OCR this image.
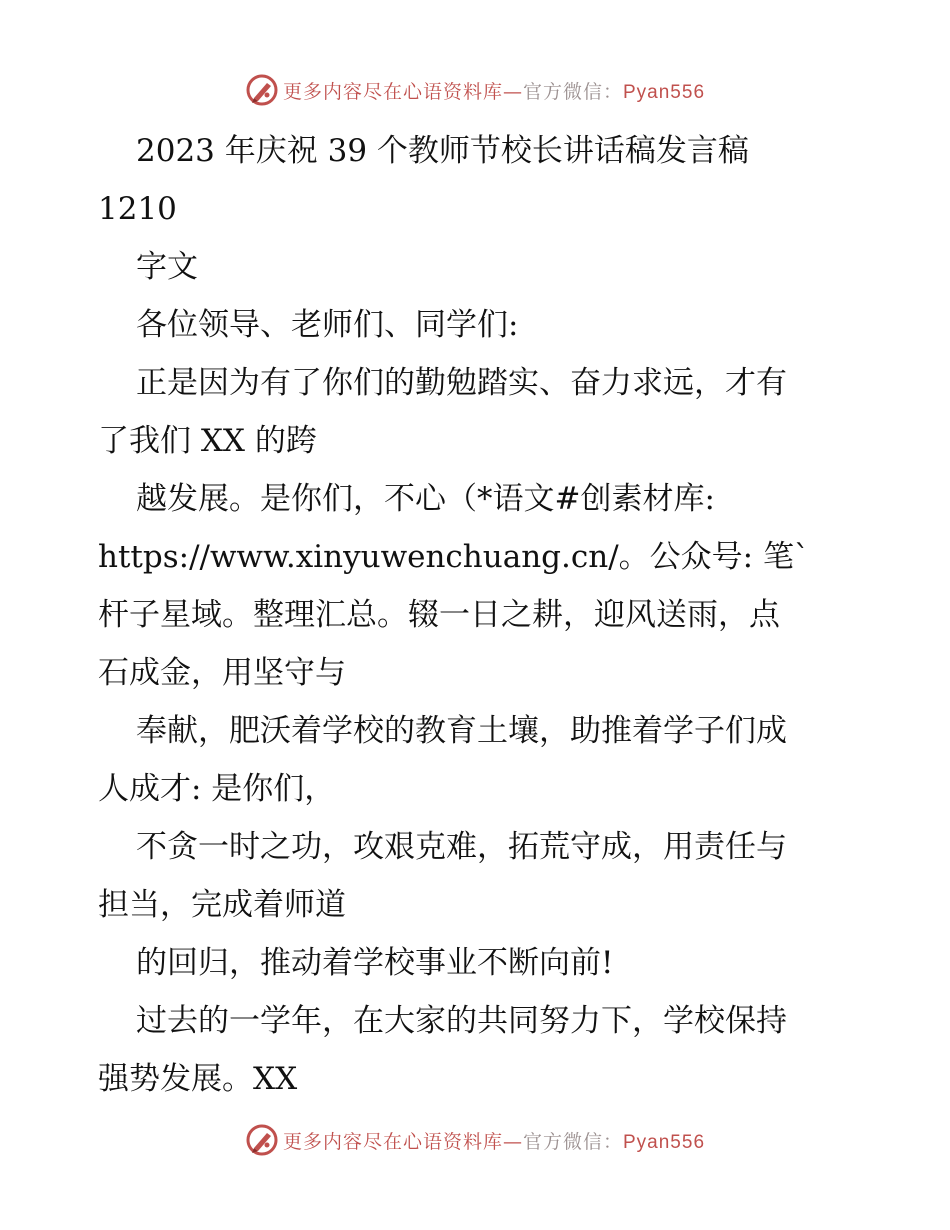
更多内容尽在心语资料库—官方微信：Pyan556
2023 年庆祝 39 个教师节校长讲话稿发言稿
1210
字文
各位领导、老师们、同学们:
正是因为有了你们的勤勉踏实、奋力求远，才有
了我们 XX 的跨
越发展。是你们，不心（*语文#创素材库:
https://www.xinyuwenchuang.cn/。公众号: 笔`
杆子星域。整理汇总。辍一日之耕，迎风送雨，点
石成金，用坚守与
奉献，肥沃着学校的教育土壤，助推着学子们成
人成才: 是你们，
不贪一时之功，攻艰克难，拓荒守成，用责任与
担当，完成着师道
的回归，推动着学校事业不断向前!
过去的一学年，在大家的共同努力下，学校保持
强势发展。XX
更多内容尽在心语资料库—官方微信：Pyan556
